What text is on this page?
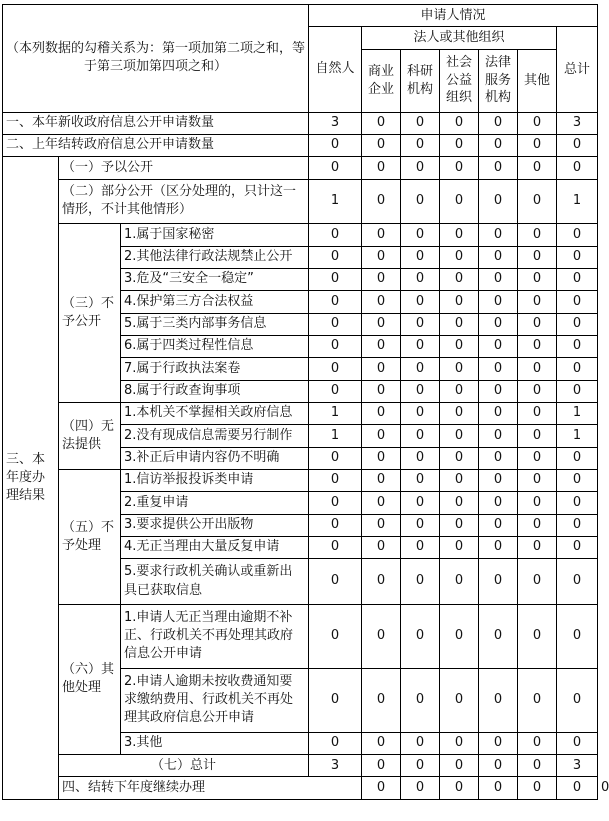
（本列数据的勾稽关系为：第一项加第二项之和，等于第三项加第四项之和）			申请人情况							
			自然人	法人或其他组织					总计	
				商业企业	科研机构	社会公益组织	法律服务机构	其他		
一、本年新收政府信息公开申请数量			3	0	0	0	0	0	3	
二、上年结转政府信息公开申请数量			0	0	0	0	0	0	0	
三、本年度办理结果	（一）予以公开		0	0	0	0	0	0	0	
	（二）部分公开（区分处理的，只计这一情形，不计其他情形）		1	0	0	0	0	0	1	
	（三）不予公开	1.属于国家秘密	0	0	0	0	0	0	0	
		2.其他法律行政法规禁止公开	0	0	0	0	0	0	0	
		3.危及“三安全一稳定”	0	0	0	0	0	0	0	
		4.保护第三方合法权益	0	0	0	0	0	0	0	
		5.属于三类内部事务信息	0	0	0	0	0	0	0	
		6.属于四类过程性信息	0	0	0	0	0	0	0	
		7.属于行政执法案卷	0	0	0	0	0	0	0	
		8.属于行政查询事项	0	0	0	0	0	0	0	
	（四）无法提供	1.本机关不掌握相关政府信息	1	0	0	0	0	0	1	
		2.没有现成信息需要另行制作	1	0	0	0	0	0	1	
		3.补正后申请内容仍不明确	0	0	0	0	0	0	0	
	（五）不予处理	1.信访举报投诉类申请	0	0	0	0	0	0	0	
		2.重复申请	0	0	0	0	0	0	0	
		3.要求提供公开出版物	0	0	0	0	0	0	0	
		4.无正当理由大量反复申请	0	0	0	0	0	0	0	
		5.要求行政机关确认或重新出具已获取信息	0	0	0	0	0	0	0	
	（六）其他处理	1.申请人无正当理由逾期不补正、行政机关不再处理其政府信息公开申请	0	0	0	0	0	0	0	
		2.申请人逾期未按收费通知要求缴纳费用、行政机关不再处理其政府信息公开申请	0	0	0	0	0	0	0	
		3.其他	0	0	0	0	0	0	0	
	（七）总计		3	0	0	0	0	0	3	
	四、结转下年度继续办理			0	0	0	0	0	0	0
